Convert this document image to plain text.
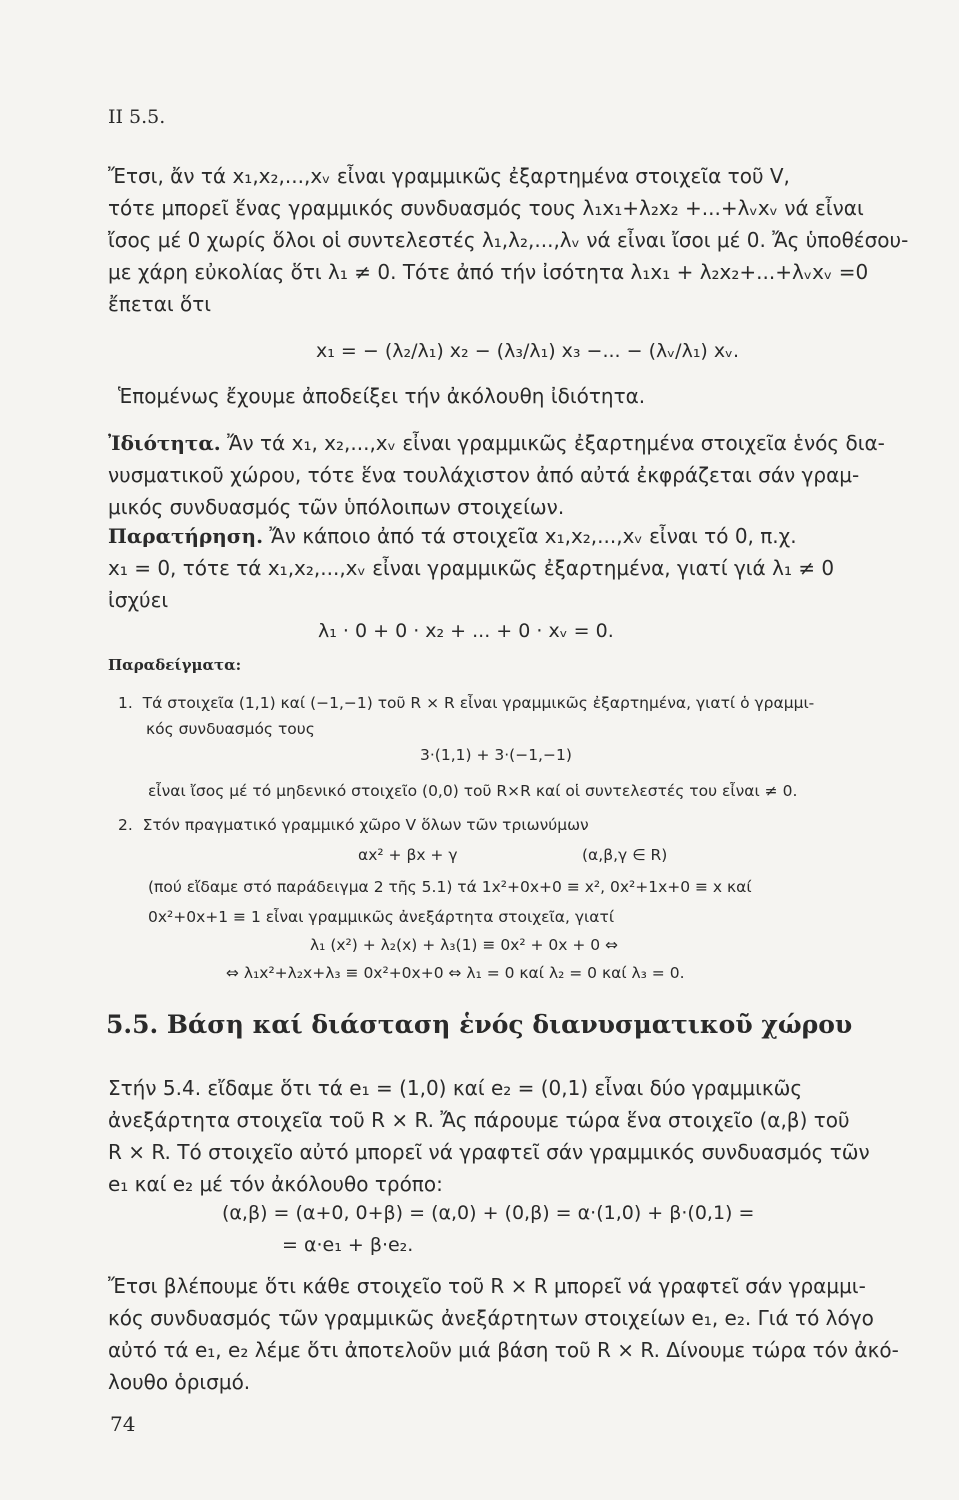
ΙΙ 5.5.
Ἔτσι, ἄν τά x₁,x₂,...,xᵥ εἶναι γραμμικῶς ἐξαρτημένα στοιχεῖα τοῦ V,
τότε μπορεῖ ἕνας γραμμικός συνδυασμός τους λ₁x₁+λ₂x₂ +...+λᵥxᵥ νά εἶναι
ἴσος μέ 0 χωρίς ὅλοι οἱ συντελεστές λ₁,λ₂,...,λᵥ νά εἶναι ἴσοι μέ 0. Ἄς ὑποθέσου-
με χάρη εὐκολίας ὅτι λ₁ ≠ 0. Τότε ἀπό τήν ἰσότητα λ₁x₁ + λ₂x₂+...+λᵥxᵥ =0
ἔπεται ὅτι
x₁ = − (λ₂/λ₁) x₂ − (λ₃/λ₁) x₃ −... − (λᵥ/λ₁) xᵥ.
Ἑπομένως ἔχουμε ἀποδείξει τήν ἀκόλουθη ἰδιότητα.
Ἰδιότητα. Ἄν τά x₁, x₂,...,xᵥ εἶναι γραμμικῶς ἐξαρτημένα στοιχεῖα ἑνός δια-
νυσματικοῦ χώρου, τότε ἕνα τουλάχιστον ἀπό αὐτά ἐκφράζεται σάν γραμ-
μικός συνδυασμός τῶν ὑπόλοιπων στοιχείων.
Παρατήρηση. Ἄν κάποιο ἀπό τά στοιχεῖα x₁,x₂,...,xᵥ εἶναι τό 0, π.χ.
x₁ = 0, τότε τά x₁,x₂,...,xᵥ εἶναι γραμμικῶς ἐξαρτημένα, γιατί γιά λ₁ ≠ 0
ἰσχύει
λ₁ · 0 + 0 · x₂ + ... + 0 · xᵥ = 0.
Παραδείγματα:
1. Τά στοιχεῖα (1,1) καί (−1,−1) τοῦ R × R εἶναι γραμμικῶς ἐξαρτημένα, γιατί ὁ γραμμι-
κός συνδυασμός τους
3·(1,1) + 3·(−1,−1)
εἶναι ἴσος μέ τό μηδενικό στοιχεῖο (0,0) τοῦ R×R καί οἱ συντελεστές του εἶναι ≠ 0.
2. Στόν πραγματικό γραμμικό χῶρο V ὅλων τῶν τριωνύμων
αx² + βx + γ	(α,β,γ ∈ R)
(πού εἴδαμε στό παράδειγμα 2 τῆς 5.1) τά 1x²+0x+0 ≡ x², 0x²+1x+0 ≡ x καί
0x²+0x+1 ≡ 1 εἶναι γραμμικῶς ἀνεξάρτητα στοιχεῖα, γιατί
λ₁ (x²) + λ₂(x) + λ₃(1) ≡ 0x² + 0x + 0 ⇔
⇔ λ₁x²+λ₂x+λ₃ ≡ 0x²+0x+0 ⇔ λ₁ = 0 καί λ₂ = 0 καί λ₃ = 0.
5.5. Βάση καί διάσταση ἑνός διανυσματικοῦ χώρου
Στήν 5.4. εἴδαμε ὅτι τά e₁ = (1,0) καί e₂ = (0,1) εἶναι δύο γραμμικῶς
ἀνεξάρτητα στοιχεῖα τοῦ R × R. Ἄς πάρουμε τώρα ἕνα στοιχεῖο (α,β) τοῦ
R × R. Τό στοιχεῖο αὐτό μπορεῖ νά γραφτεῖ σάν γραμμικός συνδυασμός τῶν
e₁ καί e₂ μέ τόν ἀκόλουθο τρόπο:
(α,β) = (α+0, 0+β) = (α,0) + (0,β) = α·(1,0) + β·(0,1) =
= α·e₁ + β·e₂.
Ἔτσι βλέπουμε ὅτι κάθε στοιχεῖο τοῦ R × R μπορεῖ νά γραφτεῖ σάν γραμμι-
κός συνδυασμός τῶν γραμμικῶς ἀνεξάρτητων στοιχείων e₁, e₂. Γιά τό λόγο
αὐτό τά e₁, e₂ λέμε ὅτι ἀποτελοῦν μιά βάση τοῦ R × R. Δίνουμε τώρα τόν ἀκό-
λουθο ὁρισμό.
74
